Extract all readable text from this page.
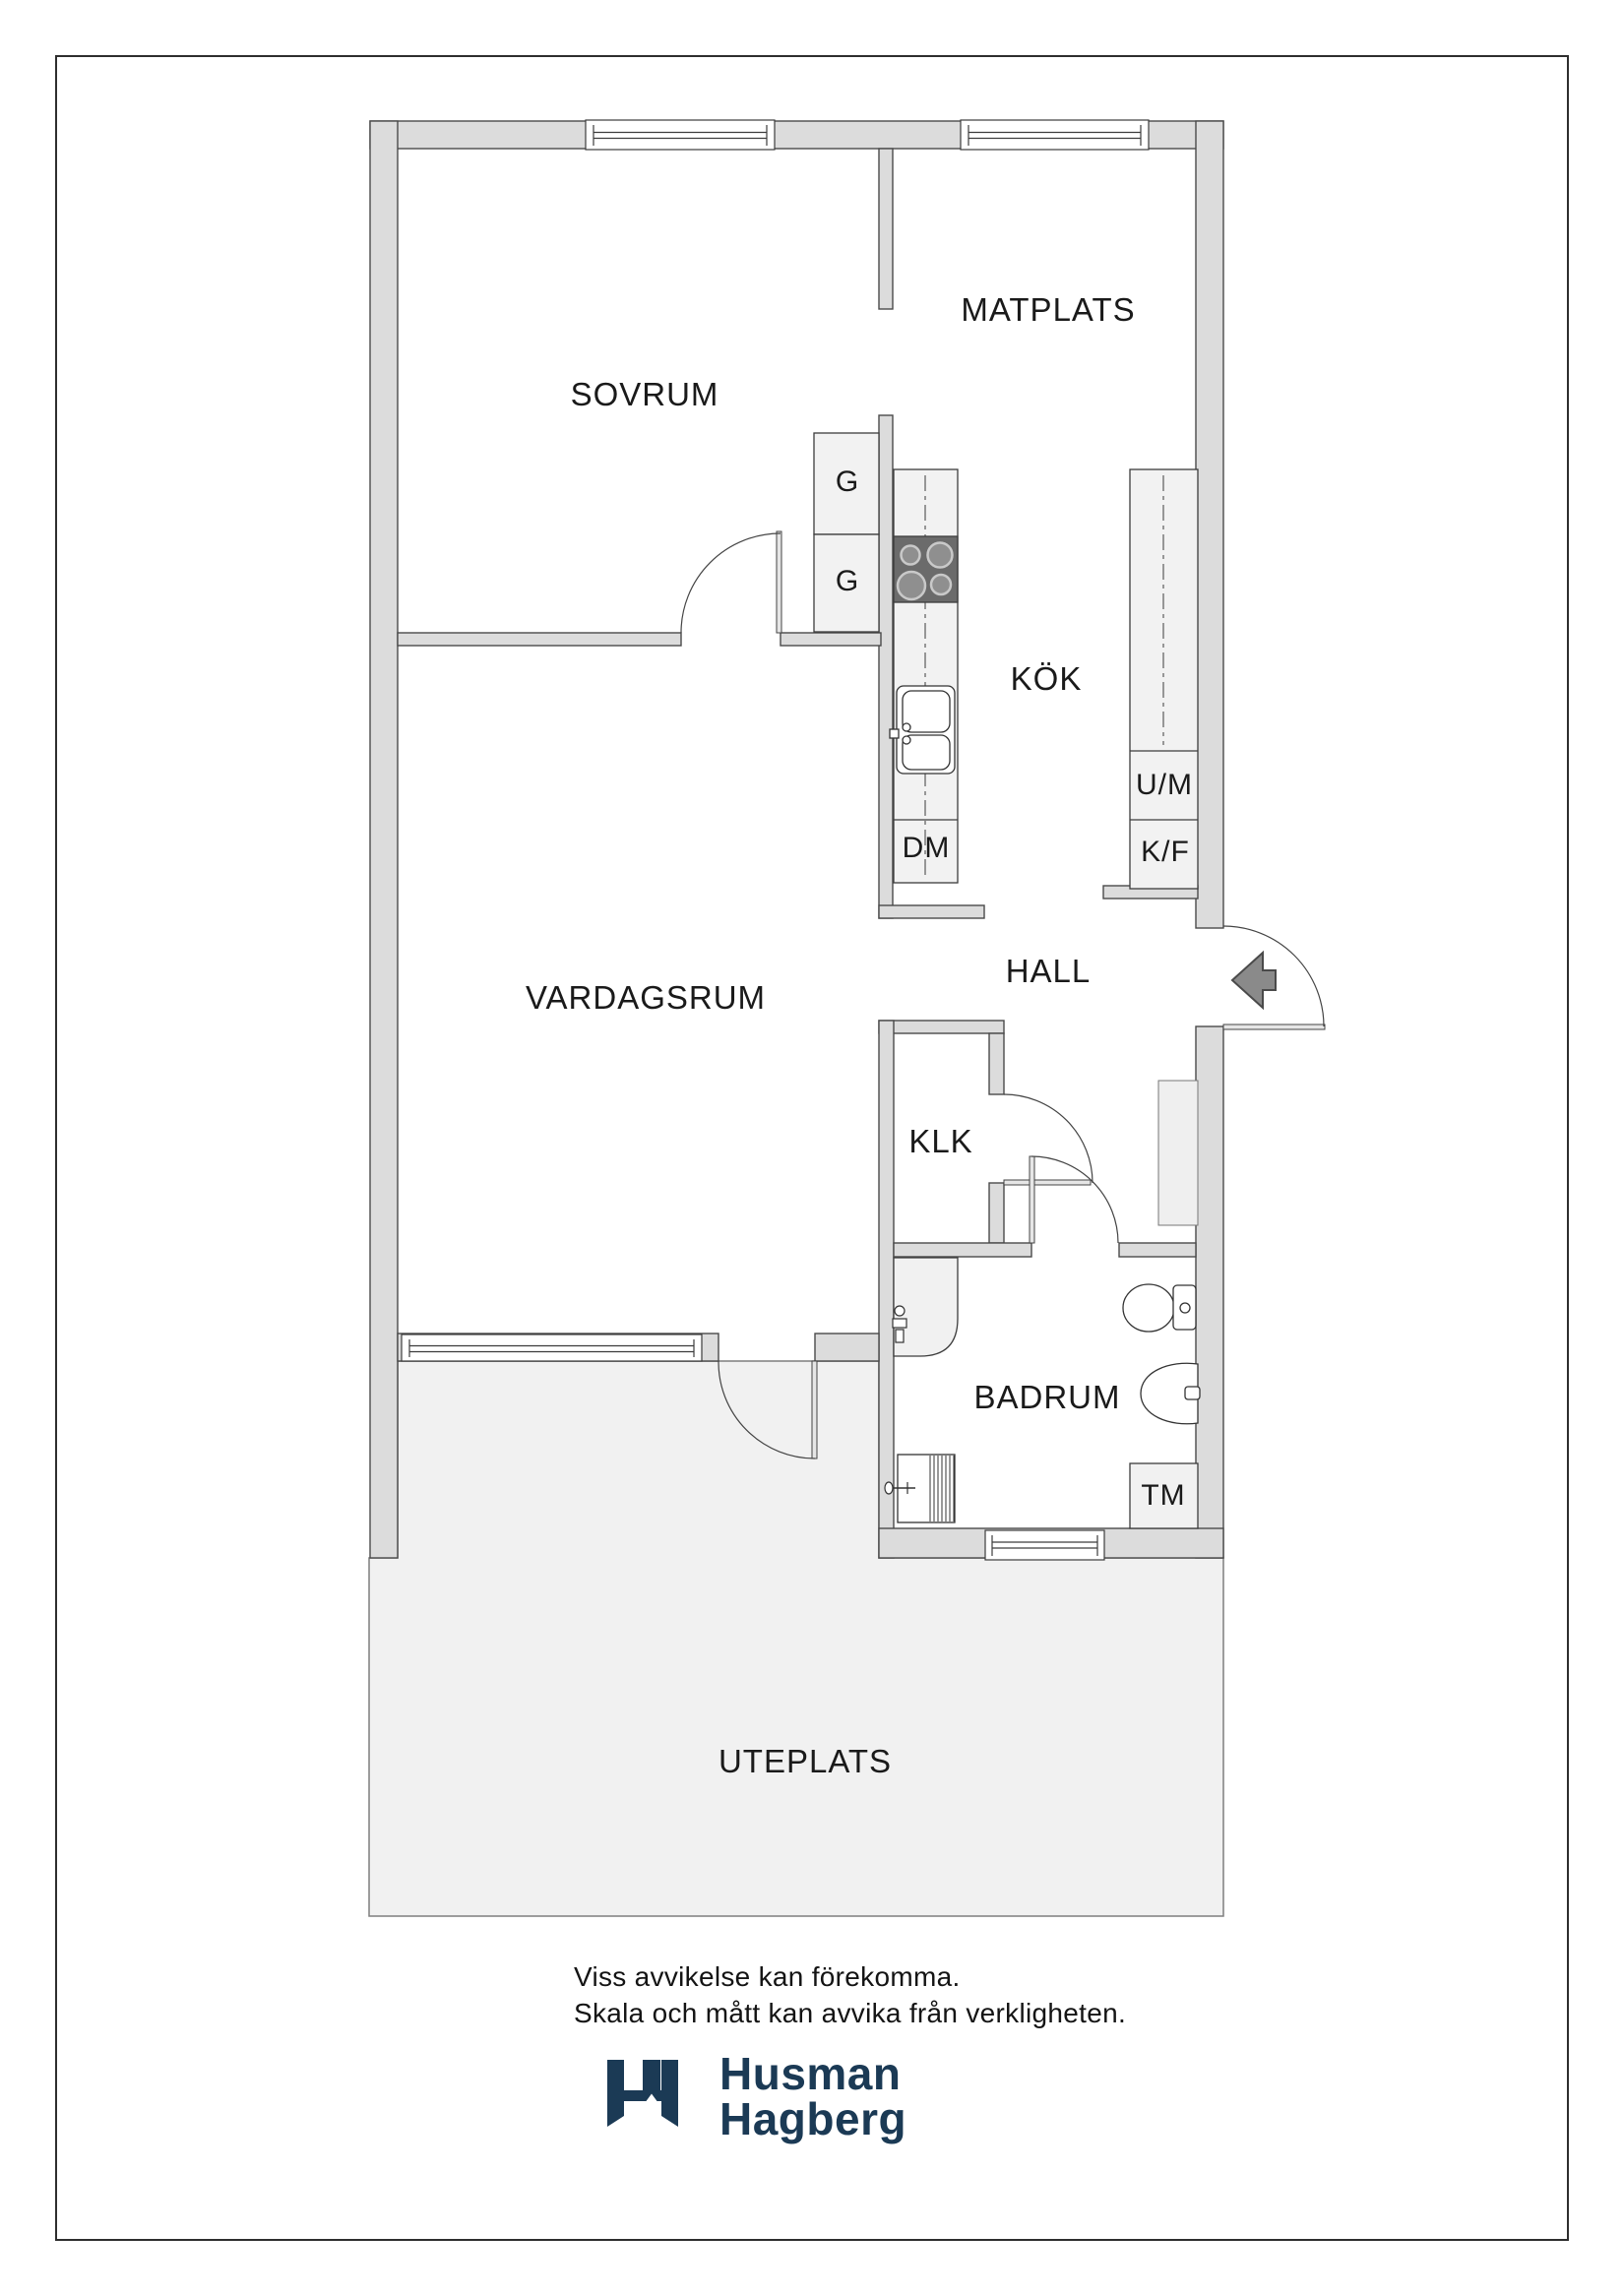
SOVRUM
MATPLATS
KÖK
HALL
VARDAGSRUM
KLK
BADRUM
UTEPLATS
G
G
DM
U/M
K/F
TM
Viss avvikelse kan förekomma.
Skala och mått kan avvika från verkligheten.
Husman
Hagberg
